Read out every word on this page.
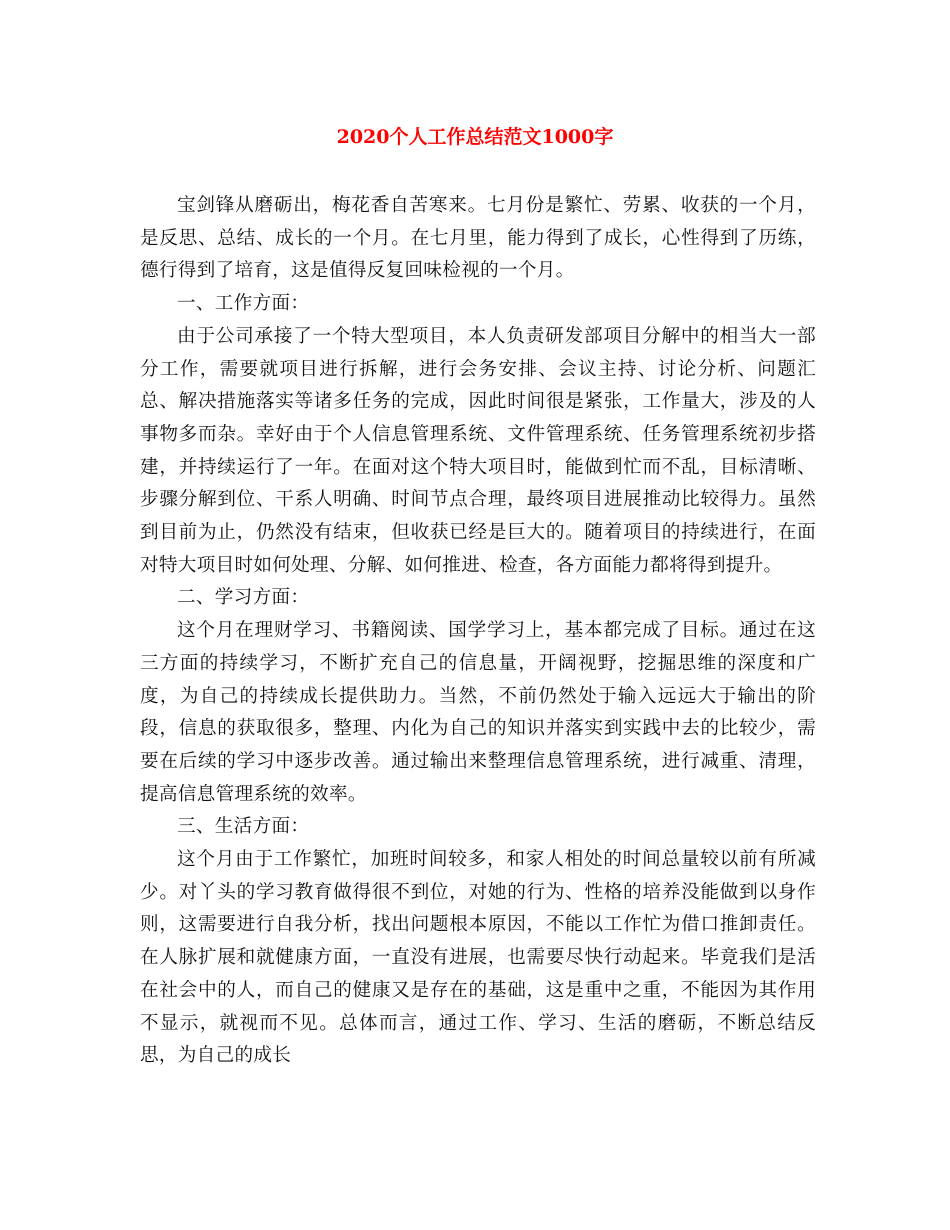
2020个人工作总结范文1000字

宝剑锋从磨砺出，梅花香自苦寒来。七月份是繁忙、劳累、收获的一个月，是反思、总结、成长的一个月。在七月里，能力得到了成长，心性得到了历练，德行得到了培育，这是值得反复回味检视的一个月。

一、工作方面：

由于公司承接了一个特大型项目，本人负责研发部项目分解中的相当大一部分工作，需要就项目进行拆解，进行会务安排、会议主持、讨论分析、问题汇总、解决措施落实等诸多任务的完成，因此时间很是紧张，工作量大，涉及的人事物多而杂。幸好由于个人信息管理系统、文件管理系统、任务管理系统初步搭建，并持续运行了一年。在面对这个特大项目时，能做到忙而不乱，目标清晰、步骤分解到位、干系人明确、时间节点合理，最终项目进展推动比较得力。虽然到目前为止，仍然没有结束，但收获已经是巨大的。随着项目的持续进行，在面对特大项目时如何处理、分解、如何推进、检查，各方面能力都将得到提升。

二、学习方面：

这个月在理财学习、书籍阅读、国学学习上，基本都完成了目标。通过在这三方面的持续学习，不断扩充自己的信息量，开阔视野，挖掘思维的深度和广度，为自己的持续成长提供助力。当然，不前仍然处于输入远远大于输出的阶段，信息的获取很多，整理、内化为自己的知识并落实到实践中去的比较少，需要在后续的学习中逐步改善。通过输出来整理信息管理系统，进行减重、清理，提高信息管理系统的效率。

三、生活方面：

这个月由于工作繁忙，加班时间较多，和家人相处的时间总量较以前有所减少。对丫头的学习教育做得很不到位，对她的行为、性格的培养没能做到以身作则，这需要进行自我分析，找出问题根本原因，不能以工作忙为借口推卸责任。在人脉扩展和就健康方面，一直没有进展，也需要尽快行动起来。毕竟我们是活在社会中的人，而自己的健康又是存在的基础，这是重中之重，不能因为其作用不显示，就视而不见。总体而言，通过工作、学习、生活的磨砺，不断总结反思，为自己的成长
